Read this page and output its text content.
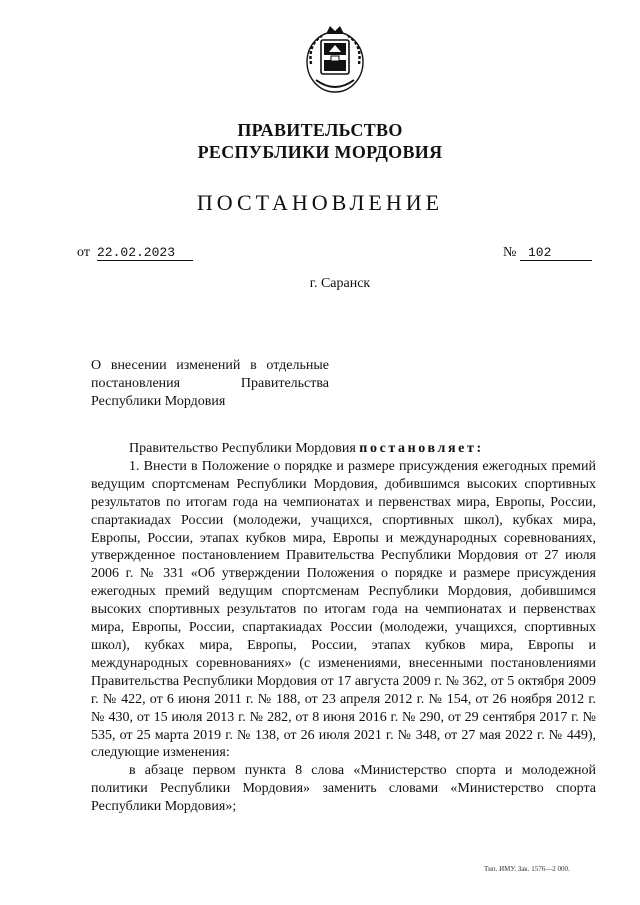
ПРАВИТЕЛЬСТВО
РЕСПУБЛИКИ МОРДОВИЯ
ПОСТАНОВЛЕНИЕ
от 22.02.2023	№ 102
г. Саранск
О внесении изменений в отдельные
постановления Правительства
Республики Мордовия

Правительство Республики Мордовия постановляет:

1. Внести в Положение о порядке и размере присуждения ежегодных премий ведущим спортсменам Республики Мордовия, добившимся высоких спортивных результатов по итогам года на чемпионатах и первенствах мира, Европы, России, спартакиадах России (молодежи, учащихся, спортивных школ), кубках мира, Европы, России, этапах кубков мира, Европы и международных соревнованиях, утвержденное постановлением Правительства Республики Мордовия от 27 июля 2006 г. № 331 «Об утверждении Положения о порядке и размере присуждения ежегодных премий ведущим спортсменам Республики Мордовия, добившимся высоких спортивных результатов по итогам года на чемпионатах и первенствах мира, Европы, России, спартакиадах России (молодежи, учащихся, спортивных школ), кубках мира, Европы, России, этапах кубков мира, Европы и международных соревнованиях» (с изменениями, внесенными постановлениями Правительства Республики Мордовия от 17 августа 2009 г. № 362, от 5 октября 2009 г. № 422, от 6 июня 2011 г. № 188, от 23 апреля 2012 г. № 154, от 26 ноября 2012 г. № 430, от 15 июля 2013 г. № 282, от 8 июня 2016 г. № 290, от 29 сентября 2017 г. № 535, от 25 марта 2019 г. № 138, от 26 июля 2021 г. № 348, от 27 мая 2022 г. № 449), следующие изменения:

в абзаце первом пункта 8 слова «Министерство спорта и молодежной политики Республики Мордовия» заменить словами «Министерство спорта Республики Мордовия»;

Тип. ИМУ. Зак. 1576—2 000.
